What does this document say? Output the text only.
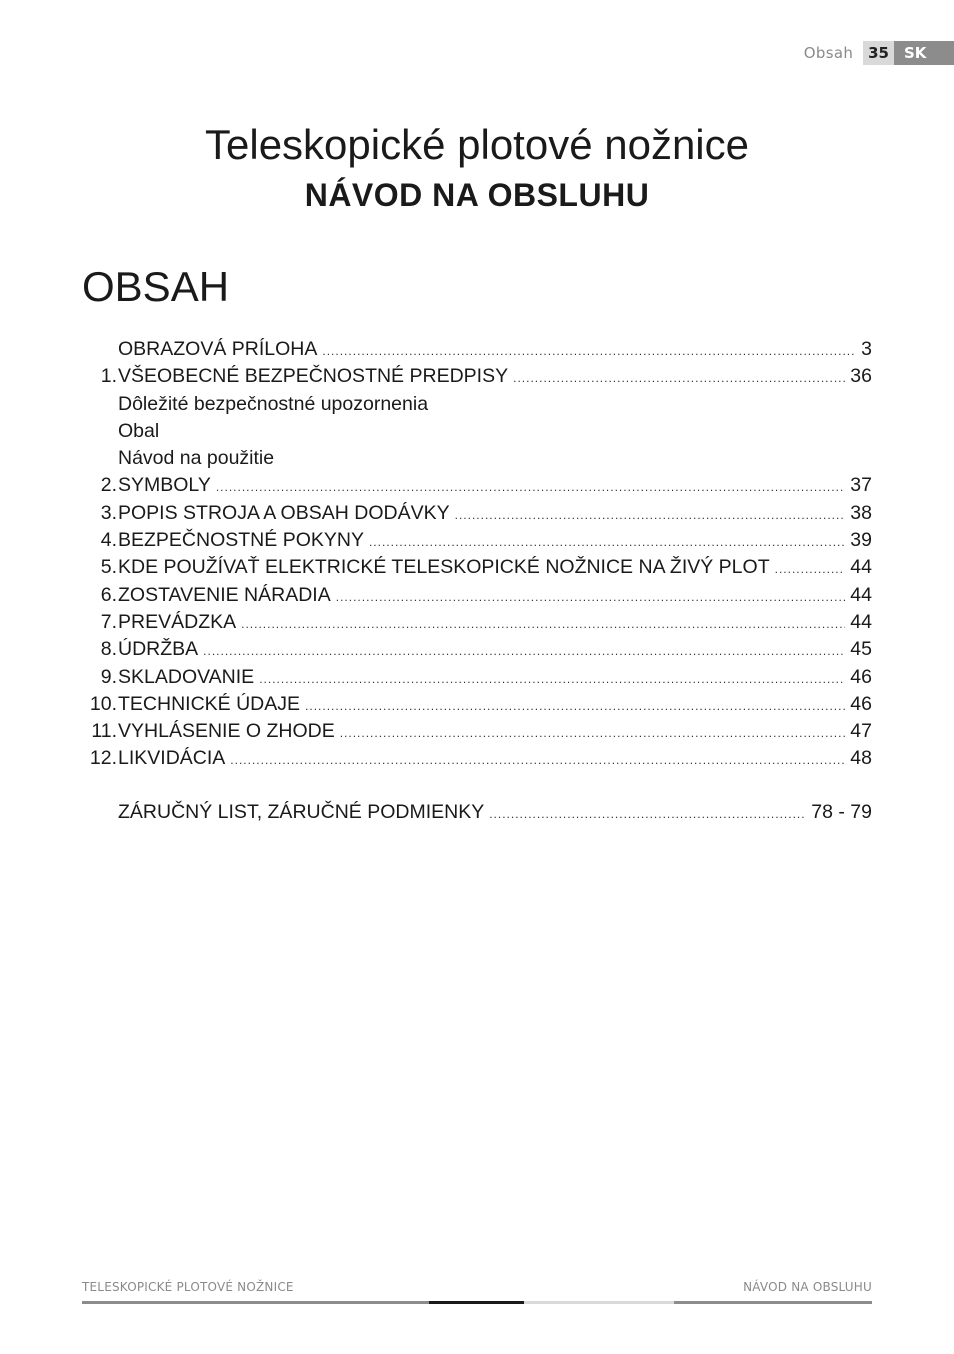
Obsah	35	SK
Teleskopické plotové nožnice
NÁVOD NA OBSLUHU
OBSAH
OBRAZOVÁ PRÍLOHA .....	3
1. VŠEOBECNÉ BEZPEČNOSTNÉ PREDPISY .....	36
Dôležité bezpečnostné upozornenia
Obal
Návod na použitie
2. SYMBOLY .....	37
3. POPIS STROJA A OBSAH DODÁVKY .....	38
4. BEZPEČNOSTNÉ POKYNY .....	39
5. KDE POUŽÍVAŤ ELEKTRICKÉ TELESKOPICKÉ NOŽNICE NA ŽIVÝ PLOT .....	44
6. ZOSTAVENIE NÁRADIA .....	44
7. PREVÁDZKA .....	44
8. ÚDRŽBA .....	45
9. SKLADOVANIE .....	46
10. TECHNICKÉ ÚDAJE .....	46
11. VYHLÁSENIE O ZHODE .....	47
12. LIKVIDÁCIA .....	48
ZÁRUČNÝ LIST, ZÁRUČNÉ PODMIENKY .....	78 - 79
TELESKOPICKÉ PLOTOVÉ NOŽNICE	NÁVOD NA OBSLUHU
